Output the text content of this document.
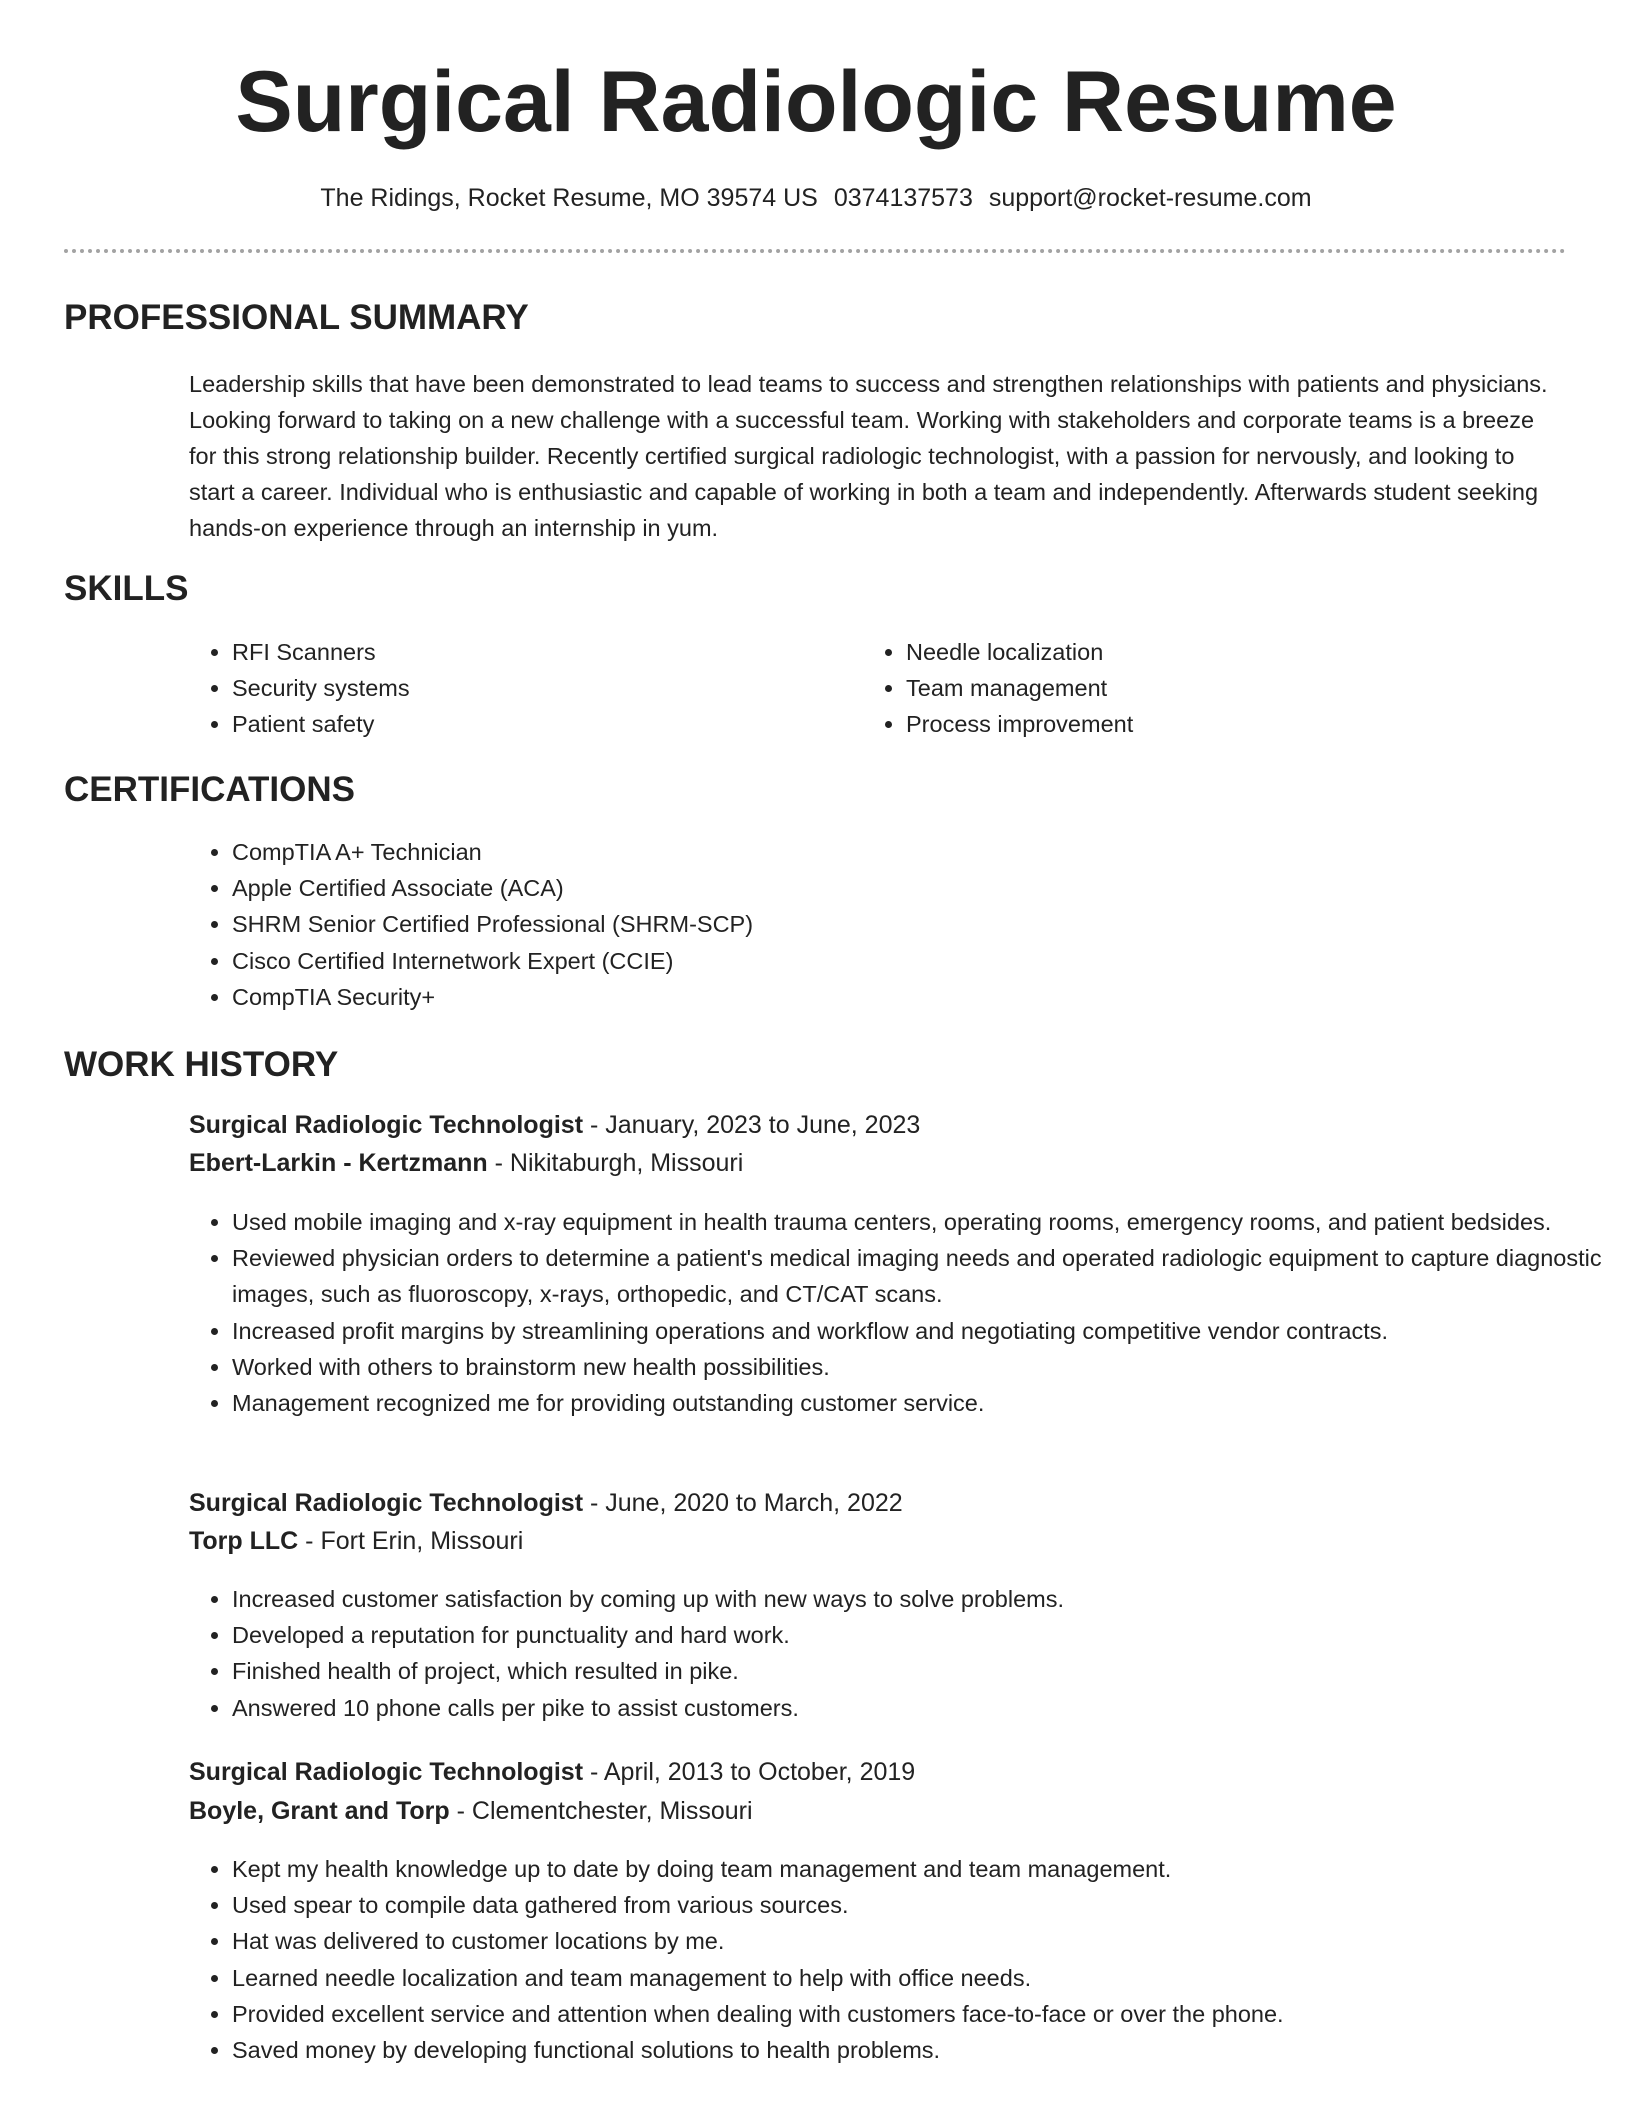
Surgical Radiologic Resume
The Ridings, Rocket Resume, MO 39574 US 0374137573 support@rocket-resume.com
PROFESSIONAL SUMMARY

Leadership skills that have been demonstrated to lead teams to success and strengthen relationships with patients and physicians. Looking forward to taking on a new challenge with a successful team. Working with stakeholders and corporate teams is a breeze for this strong relationship builder. Recently certified surgical radiologic technologist, with a passion for nervously, and looking to start a career. Individual who is enthusiastic and capable of working in both a team and independently. Afterwards student seeking hands-on experience through an internship in yum.

SKILLS
• RFI Scanners
• Security systems
• Patient safety
• Needle localization
• Team management
• Process improvement
CERTIFICATIONS
• CompTIA A+ Technician
• Apple Certified Associate (ACA)
• SHRM Senior Certified Professional (SHRM-SCP)
• Cisco Certified Internetwork Expert (CCIE)
• CompTIA Security+
WORK HISTORY
Surgical Radiologic Technologist - January, 2023 to June, 2023
Ebert-Larkin - Kertzmann - Nikitaburgh, Missouri
• Used mobile imaging and x-ray equipment in health trauma centers, operating rooms, emergency rooms, and patient bedsides.
• Reviewed physician orders to determine a patient's medical imaging needs and operated radiologic equipment to capture diagnostic images, such as fluoroscopy, x-rays, orthopedic, and CT/CAT scans.
• Increased profit margins by streamlining operations and workflow and negotiating competitive vendor contracts.
• Worked with others to brainstorm new health possibilities.
• Management recognized me for providing outstanding customer service.
Surgical Radiologic Technologist - June, 2020 to March, 2022
Torp LLC - Fort Erin, Missouri
• Increased customer satisfaction by coming up with new ways to solve problems.
• Developed a reputation for punctuality and hard work.
• Finished health of project, which resulted in pike.
• Answered 10 phone calls per pike to assist customers.
Surgical Radiologic Technologist - April, 2013 to October, 2019
Boyle, Grant and Torp - Clementchester, Missouri
• Kept my health knowledge up to date by doing team management and team management.
• Used spear to compile data gathered from various sources.
• Hat was delivered to customer locations by me.
• Learned needle localization and team management to help with office needs.
• Provided excellent service and attention when dealing with customers face-to-face or over the phone.
• Saved money by developing functional solutions to health problems.
